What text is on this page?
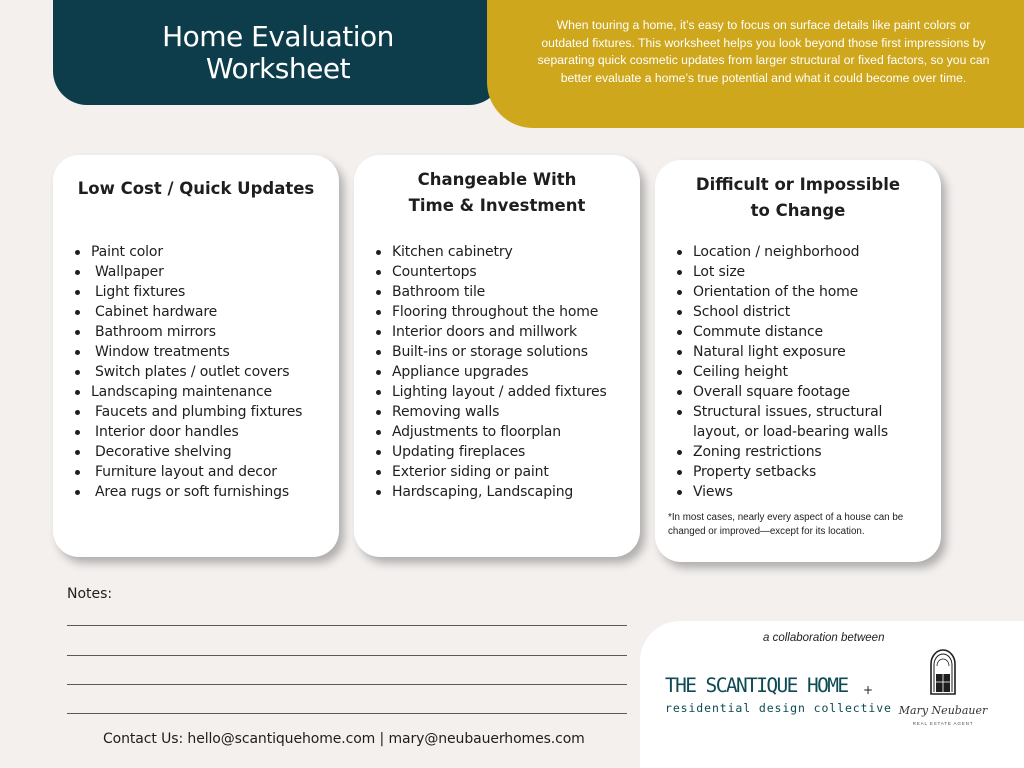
Home Evaluation
Worksheet

When touring a home, it’s easy to focus on surface details like paint colors or outdated fixtures. This worksheet helps you look beyond those first impressions by separating quick cosmetic updates from larger structural or fixed factors, so you can better evaluate a home’s true potential and what it could become over time.

Low Cost / Quick Updates
Paint color
Wallpaper
Light fixtures
Cabinet hardware
Bathroom mirrors
Window treatments
Switch plates / outlet covers
Landscaping maintenance
Faucets and plumbing fixtures
Interior door handles
Decorative shelving
Furniture layout and decor
Area rugs or soft furnishings
Changeable With
Time & Investment
Kitchen cabinetry
Countertops
Bathroom tile
Flooring throughout the home
Interior doors and millwork
Built-ins or storage solutions
Appliance upgrades
Lighting layout / added fixtures
Removing walls
Adjustments to floorplan
Updating fireplaces
Exterior siding or paint
Hardscaping, Landscaping
Difficult or Impossible
to Change
Location / neighborhood
Lot size
Orientation of the home
School district
Commute distance
Natural light exposure
Ceiling height
Overall square footage
Structural issues, structural layout, or load-bearing walls
Zoning restrictions
Property setbacks
Views

*In most cases, nearly every aspect of a house can be changed or improved—except for its location.

Notes:
Contact Us: hello@scantiquehome.com | mary@neubauerhomes.com
a collaboration between
THE SCANTIQUE HOME
residential design collective
+
Mary Neubauer
REAL ESTATE AGENT
